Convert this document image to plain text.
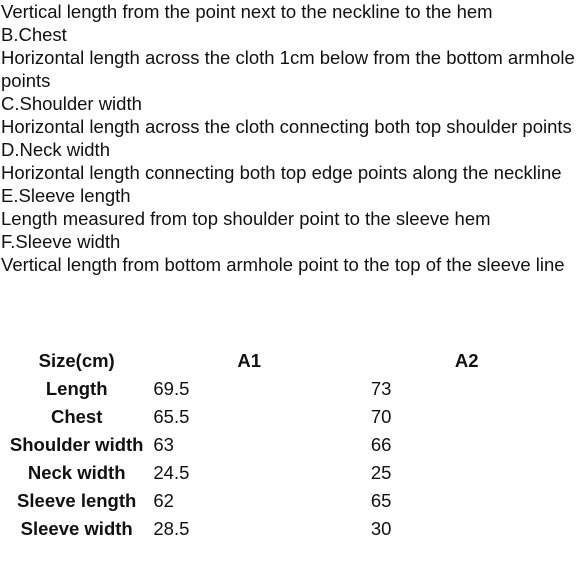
Vertical length from the point next to the neckline to the hem
B.Chest
Horizontal length across the cloth 1cm below from the bottom armhole points
C.Shoulder width
Horizontal length across the cloth connecting both top shoulder points
D.Neck width
Horizontal length connecting both top edge points along the neckline
E.Sleeve length
Length measured from top shoulder point to the sleeve hem
F.Sleeve width
Vertical length from bottom armhole point to the top of the sleeve line
Size(cm)	A1	A2
Length	69.5	73
Chest	65.5	70
Shoulder width	63	66
Neck width	24.5	25
Sleeve length	62	65
Sleeve width	28.5	30
